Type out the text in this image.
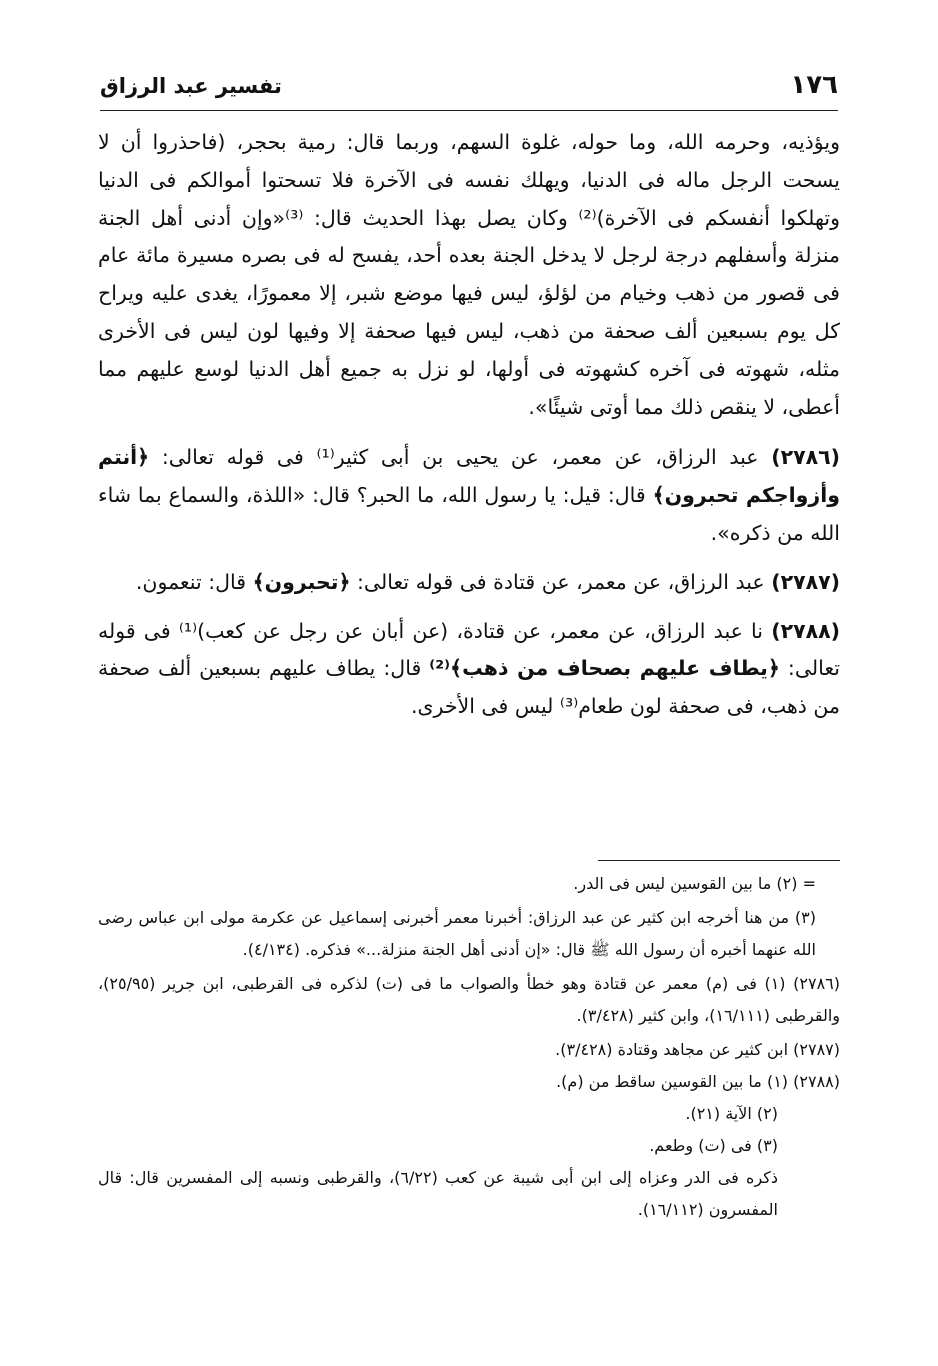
١٧٦
تفسير عبد الرزاق

ويؤذيه، وحرمه الله، وما حوله، غلوة السهم، وربما قال: رمية بحجر، (فاحذروا أن لا يسحت الرجل ماله فى الدنيا، ويهلك نفسه فى الآخرة فلا تسحتوا أموالكم فى الدنيا وتهلكوا أنفسكم فى الآخرة)⁽²⁾ وكان يصل بهذا الحديث قال: ⁽³⁾«وإن أدنى أهل الجنة منزلة وأسفلهم درجة لرجل لا يدخل الجنة بعده أحد، يفسح له فى بصره مسيرة مائة عام فى قصور من ذهب وخيام من لؤلؤ، ليس فيها موضع شبر، إلا معمورًا، يغدى عليه ويراح كل يوم بسبعين ألف صحفة من ذهب، ليس فيها صحفة إلا وفيها لون ليس فى الأخرى مثله، شهوته فى آخره كشهوته فى أولها، لو نزل به جميع أهل الدنيا لوسع عليهم مما أعطى، لا ينقص ذلك مما أوتى شيئًا».

(٢٧٨٦) عبد الرزاق، عن معمر، عن يحيى بن أبى كثير⁽¹⁾ فى قوله تعالى: ﴿أنتم وأزواجكم تحبرون﴾ قال: قيل: يا رسول الله، ما الحبر؟ قال: «اللذة، والسماع بما شاء الله من ذكره».

(٢٧٨٧) عبد الرزاق، عن معمر، عن قتادة فى قوله تعالى: ﴿تحبرون﴾ قال: تنعمون.

(٢٧٨٨) نا عبد الرزاق، عن معمر، عن قتادة، (عن أبان عن رجل عن كعب)⁽¹⁾ فى قوله تعالى: ﴿يطاف عليهم بصحاف من ذهب﴾⁽²⁾ قال: يطاف عليهم بسبعين ألف صحفة من ذهب، فى صحفة لون طعام⁽³⁾ ليس فى الأخرى.

= (٢) ما بين القوسين ليس فى الدر.

(٣) من هنا أخرجه ابن كثير عن عبد الرزاق: أخبرنا معمر أخبرنى إسماعيل عن عكرمة مولى ابن عباس رضى الله عنهما أخبره أن رسول الله ﷺ قال: «إن أدنى أهل الجنة منزلة...» فذكره. (٤/١٣٤).

(٢٧٨٦) (١) فى (م) معمر عن قتادة وهو خطأ والصواب ما فى (ت) لذكره فى القرطبى، ابن جرير (٢٥/٩٥)، والقرطبى (١٦/١١١)، وابن كثير (٣/٤٢٨).

(٢٧٨٧) ابن كثير عن مجاهد وقتادة (٣/٤٢٨).

(٢٧٨٨) (١) ما بين القوسين ساقط من (م).

(٢) الآية (٢١).

(٣) فى (ت) وطعم.

ذكره فى الدر وعزاه إلى ابن أبى شيبة عن كعب (٦/٢٢)، والقرطبى ونسبه إلى المفسرين قال: قال المفسرون (١٦/١١٢).
